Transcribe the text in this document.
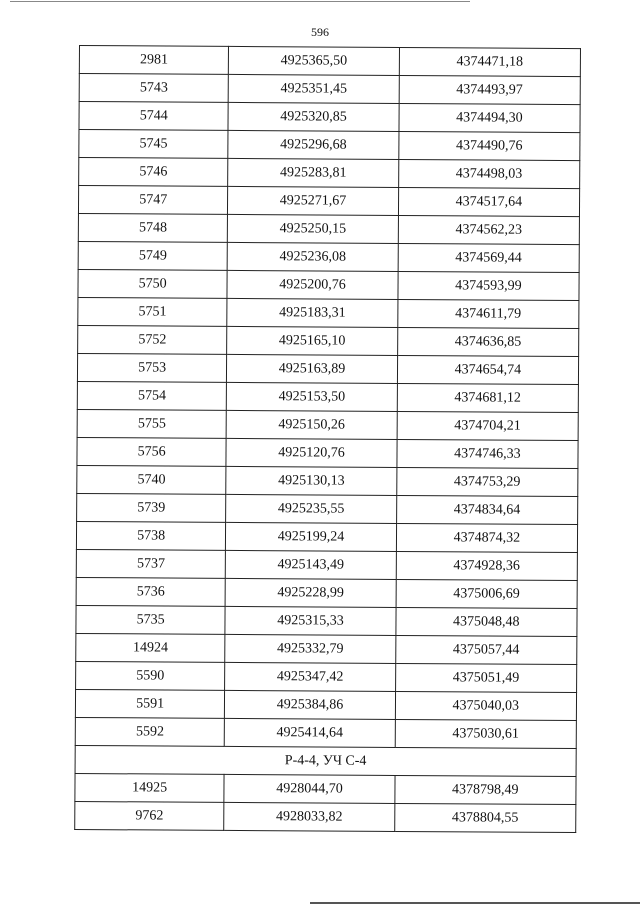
596
2981	4925365,50	4374471,18
5743	4925351,45	4374493,97
5744	4925320,85	4374494,30
5745	4925296,68	4374490,76
5746	4925283,81	4374498,03
5747	4925271,67	4374517,64
5748	4925250,15	4374562,23
5749	4925236,08	4374569,44
5750	4925200,76	4374593,99
5751	4925183,31	4374611,79
5752	4925165,10	4374636,85
5753	4925163,89	4374654,74
5754	4925153,50	4374681,12
5755	4925150,26	4374704,21
5756	4925120,76	4374746,33
5740	4925130,13	4374753,29
5739	4925235,55	4374834,64
5738	4925199,24	4374874,32
5737	4925143,49	4374928,36
5736	4925228,99	4375006,69
5735	4925315,33	4375048,48
14924	4925332,79	4375057,44
5590	4925347,42	4375051,49
5591	4925384,86	4375040,03
5592	4925414,64	4375030,61
Р-4-4, УЧ С-4		
14925	4928044,70	4378798,49
9762	4928033,82	4378804,55
